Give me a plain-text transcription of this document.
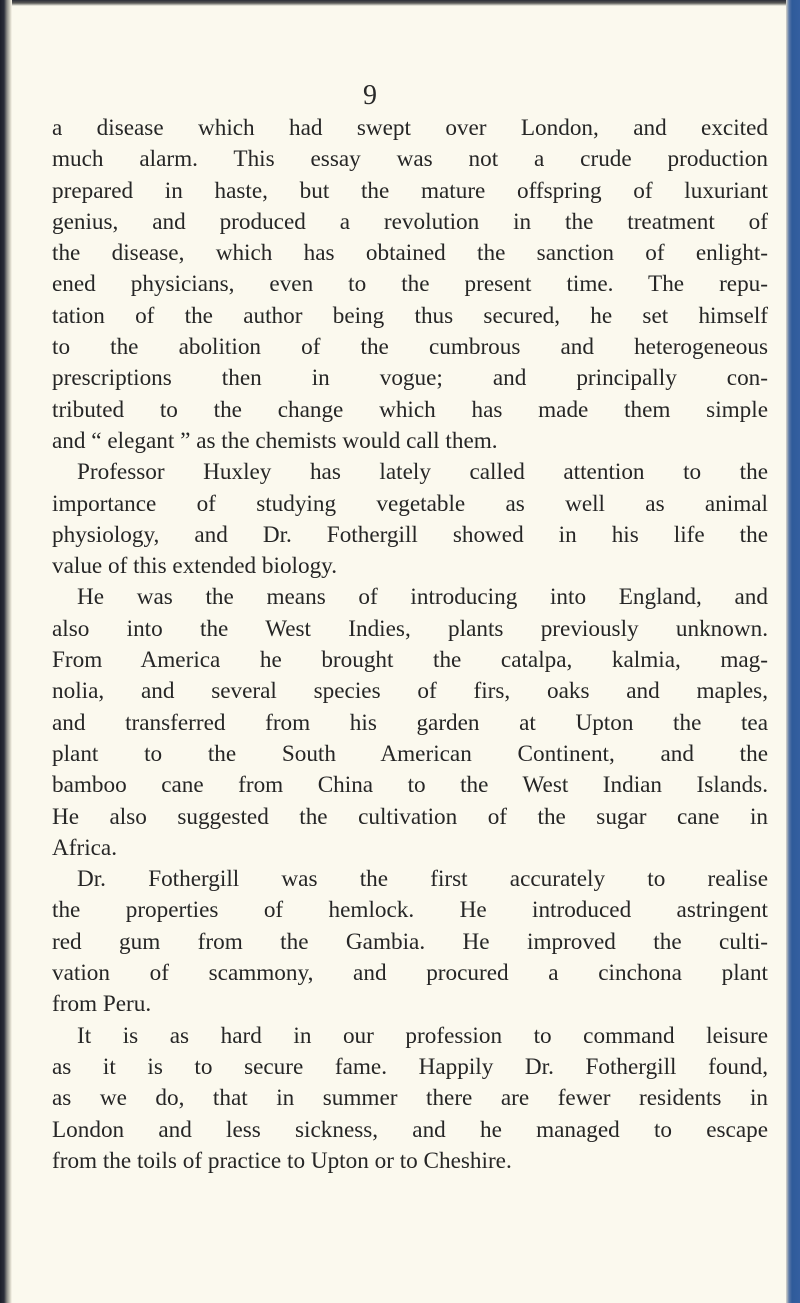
9
a disease which had swept over London, and excited
much alarm. This essay was not a crude production
prepared in haste, but the mature offspring of luxuriant
genius, and produced a revolution in the treatment of
the disease, which has obtained the sanction of enlight-
ened physicians, even to the present time. The repu-
tation of the author being thus secured, he set himself
to the abolition of the cumbrous and heterogeneous
prescriptions then in vogue; and principally con-
tributed to the change which has made them simple
and “ elegant ” as the chemists would call them.
Professor Huxley has lately called attention to the
importance of studying vegetable as well as animal
physiology, and Dr. Fothergill showed in his life the
value of this extended biology.
He was the means of introducing into England, and
also into the West Indies, plants previously unknown.
From America he brought the catalpa, kalmia, mag-
nolia, and several species of firs, oaks and maples,
and transferred from his garden at Upton the tea
plant to the South American Continent, and the
bamboo cane from China to the West Indian Islands.
He also suggested the cultivation of the sugar cane in
Africa.
Dr. Fothergill was the first accurately to realise
the properties of hemlock. He introduced astringent
red gum from the Gambia. He improved the culti-
vation of scammony, and procured a cinchona plant
from Peru.
It is as hard in our profession to command leisure
as it is to secure fame. Happily Dr. Fothergill found,
as we do, that in summer there are fewer residents in
London and less sickness, and he managed to escape
from the toils of practice to Upton or to Cheshire.
